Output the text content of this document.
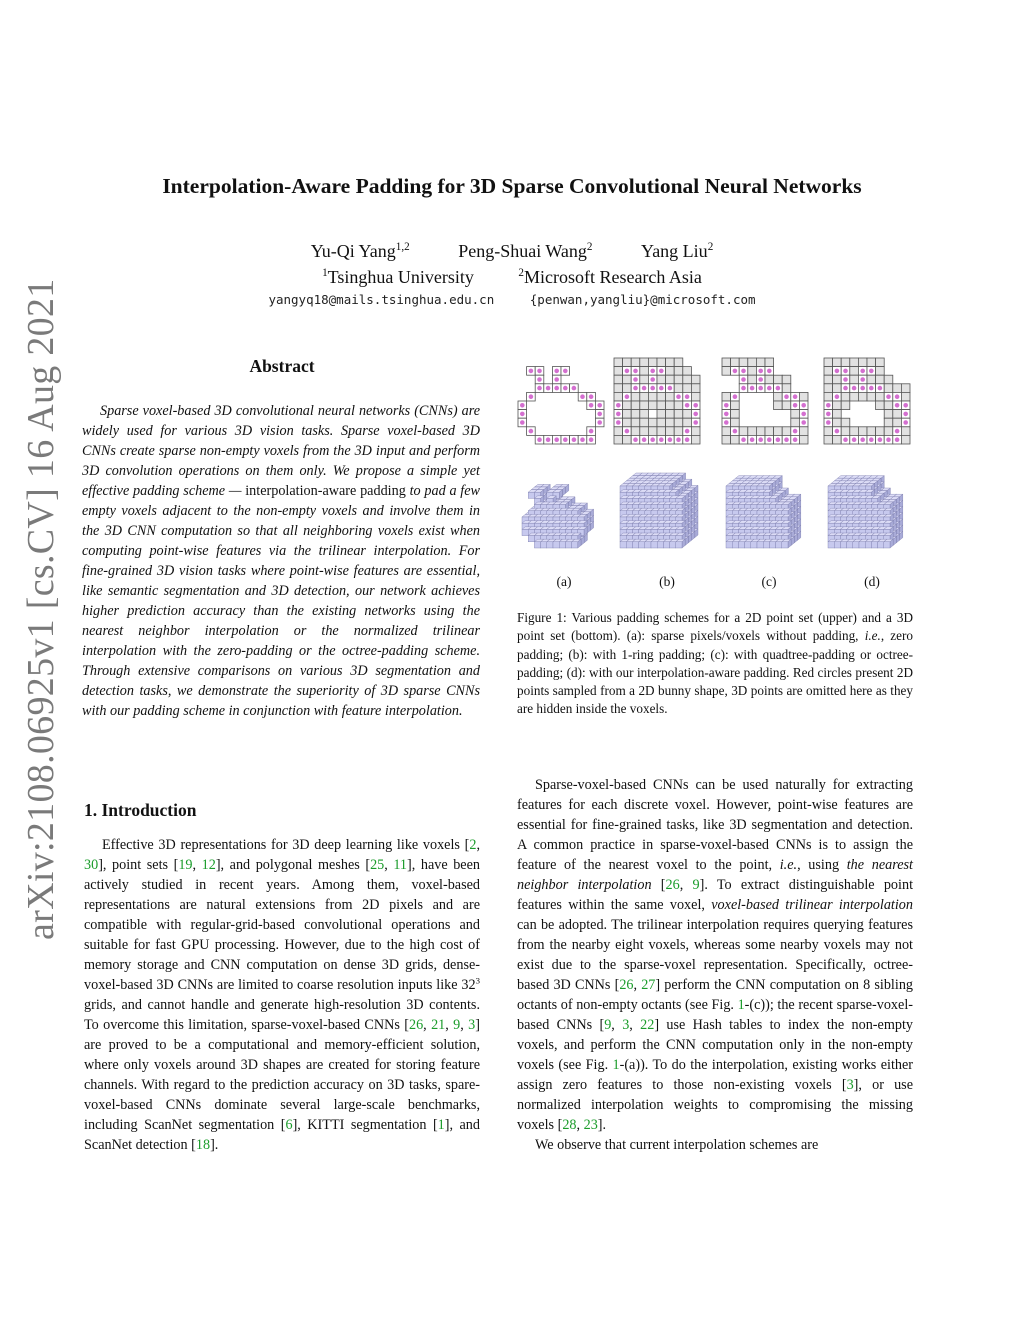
arXiv:2108.06925v1 [cs.CV] 16 Aug 2021
Interpolation-Aware Padding for 3D Sparse Convolutional Neural Networks
Yu-Qi Yang$^{1,2}$	Peng-Shuai Wang$^2$	Yang Liu$^2$
$^1$Tsinghua University	$^2$Microsoft Research Asia
yangyq18@mails.tsinghua.edu.cn	{penwan,yangliu}@microsoft.com
Abstract
Sparse voxel-based 3D convolutional neural networks (CNNs) are widely used for various 3D vision tasks. Sparse voxel-based 3D CNNs create sparse non-empty voxels from the 3D input and perform 3D convolution operations on them only. We propose a simple yet effective padding scheme — interpolation-aware padding to pad a few empty voxels adjacent to the non-empty voxels and involve them in the 3D CNN computation so that all neighboring voxels exist when computing point-wise features via the trilinear interpolation. For fine-grained 3D vision tasks where point-wise features are essential, like semantic segmentation and 3D detection, our network achieves higher prediction accuracy than the existing networks using the nearest neighbor interpolation or the normalized trilinear interpolation with the zero-padding or the octree-padding scheme. Through extensive comparisons on various 3D segmentation and detection tasks, we demonstrate the superiority of 3D sparse CNNs with our padding scheme in conjunction with feature interpolation.
(a)	(b)	(c)	(d)
Figure 1: Various padding schemes for a 2D point set (upper) and a 3D point set (bottom). (a): sparse pixels/voxels without padding, i.e., zero padding; (b): with 1-ring padding; (c): with quadtree-padding or octree-padding; (d): with our interpolation-aware padding. Red circles present 2D points sampled from a 2D bunny shape, 3D points are omitted here as they are hidden inside the voxels.
1. Introduction

Effective 3D representations for 3D deep learning like voxels [2, 30], point sets [19, 12], and polygonal meshes [25, 11], have been actively studied in recent years. Among them, voxel-based representations are natural extensions from 2D pixels and are compatible with regular-grid-based convolutional operations and suitable for fast GPU processing. However, due to the high cost of memory storage and CNN computation on dense 3D grids, dense-voxel-based 3D CNNs are limited to coarse resolution inputs like $32^3$ grids, and cannot handle and generate high-resolution 3D contents. To overcome this limitation, sparse-voxel-based CNNs [26, 21, 9, 3] are proved to be a computational and memory-efficient solution, where only voxels around 3D shapes are created for storing feature channels. With regard to the prediction accuracy on 3D tasks, spare-voxel-based CNNs dominate several large-scale benchmarks, including ScanNet segmentation [6], KITTI segmentation [1], and ScanNet detection [18].

Sparse-voxel-based CNNs can be used naturally for extracting features for each discrete voxel. However, point-wise features are essential for fine-grained tasks, like 3D segmentation and detection. A common practice in sparse-voxel-based CNNs is to assign the feature of the nearest voxel to the point, i.e., using the nearest neighbor interpolation [26, 9]. To extract distinguishable point features within the same voxel, voxel-based trilinear interpolation can be adopted. The trilinear interpolation requires querying features from the nearby eight voxels, whereas some nearby voxels may not exist due to the sparse-voxel representation. Specifically, octree-based 3D CNNs [26, 27] perform the CNN computation on 8 sibling octants of non-empty octants (see Fig. 1-(c)); the recent sparse-voxel-based CNNs [9, 3, 22] use Hash tables to index the non-empty voxels, and perform the CNN computation only in the non-empty voxels (see Fig. 1-(a)). To do the interpolation, existing works either assign zero features to those non-existing voxels [3], or use normalized interpolation weights to compromising the missing voxels [28, 23].

We observe that current interpolation schemes are
